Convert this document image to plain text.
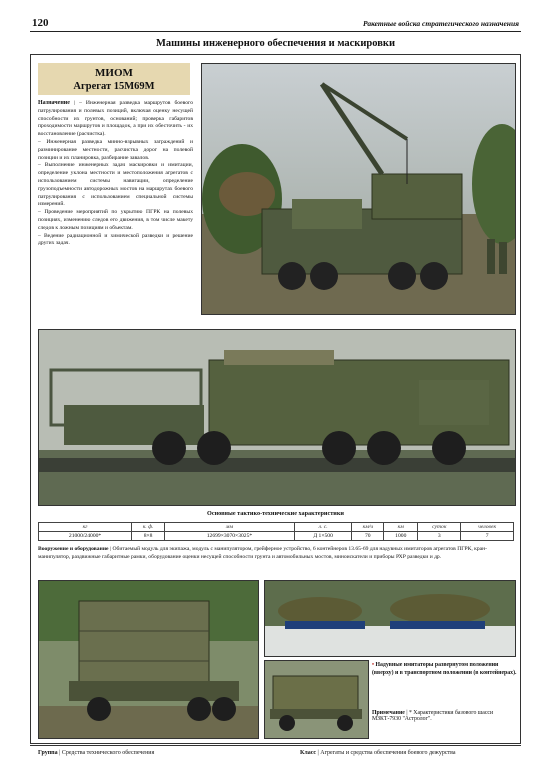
120	Ракетные войска стратегического назначения
Машины инженерного обеспечения и маскировки
МИОМ
Агрегат 15М69М
Назначение | – Инженерная разведка маршрутов боевого патрулирования и полевых позиций, включая оценку несущей способности их грунтов, оснований; проверка габаритов проходимости маршрутов и площадок, а при их обесточить - их восстановление (расчистка).
– Инженерная разведка минно-взрывных заграждений и разминирование местности, расчистка дорог на полевой позиции и их планировка, разбирание завалов.
– Выполнение инженерных задач маскировки и имитации, определение уклона местности и местоположения агрегатов с использованием системы навигации, определение грузоподъемности автодорожных мостов на маршрутах боевого патрулирования с использованием специальной системы измерений.
– Проведение мероприятий по укрытию ПГРК на полевых позициях, изменению следов его движения, в том числе макету следов к ложным позициям и объектам.
– Ведение радиационной и химической разведки и решение других задач.
Основные тактико-технические характеристики
кг	к. ф.	мм	л. с.	км/ч	км	суток	человек
21000/24000*	8×8	12699×3070×3025*	Д 1×500	70	1000	3	7
Вооружение и оборудование | Обитаемый модуль для экипажа, модуль с манипулятором, грейферное устройство, 6 контейнеров 13.65-69 для надувных имитаторов агрегатов ПГРК, кран-манипулятор, раздвижные габаритные рамки, оборудование оценки несущей способности грунта и автомобильных мостов, миноискатели и приборы РХР разведки и др.
• Надувные имитаторы развернутом положении (вверху) и в транспортном положении (в контейнерах).
Примечание | * Характеристики базового шасси МЗКТ-7930 "Астролог".
Группа | Средства технического обеспечения	Класс | Агрегаты и средства обеспечения боевого дежурства
